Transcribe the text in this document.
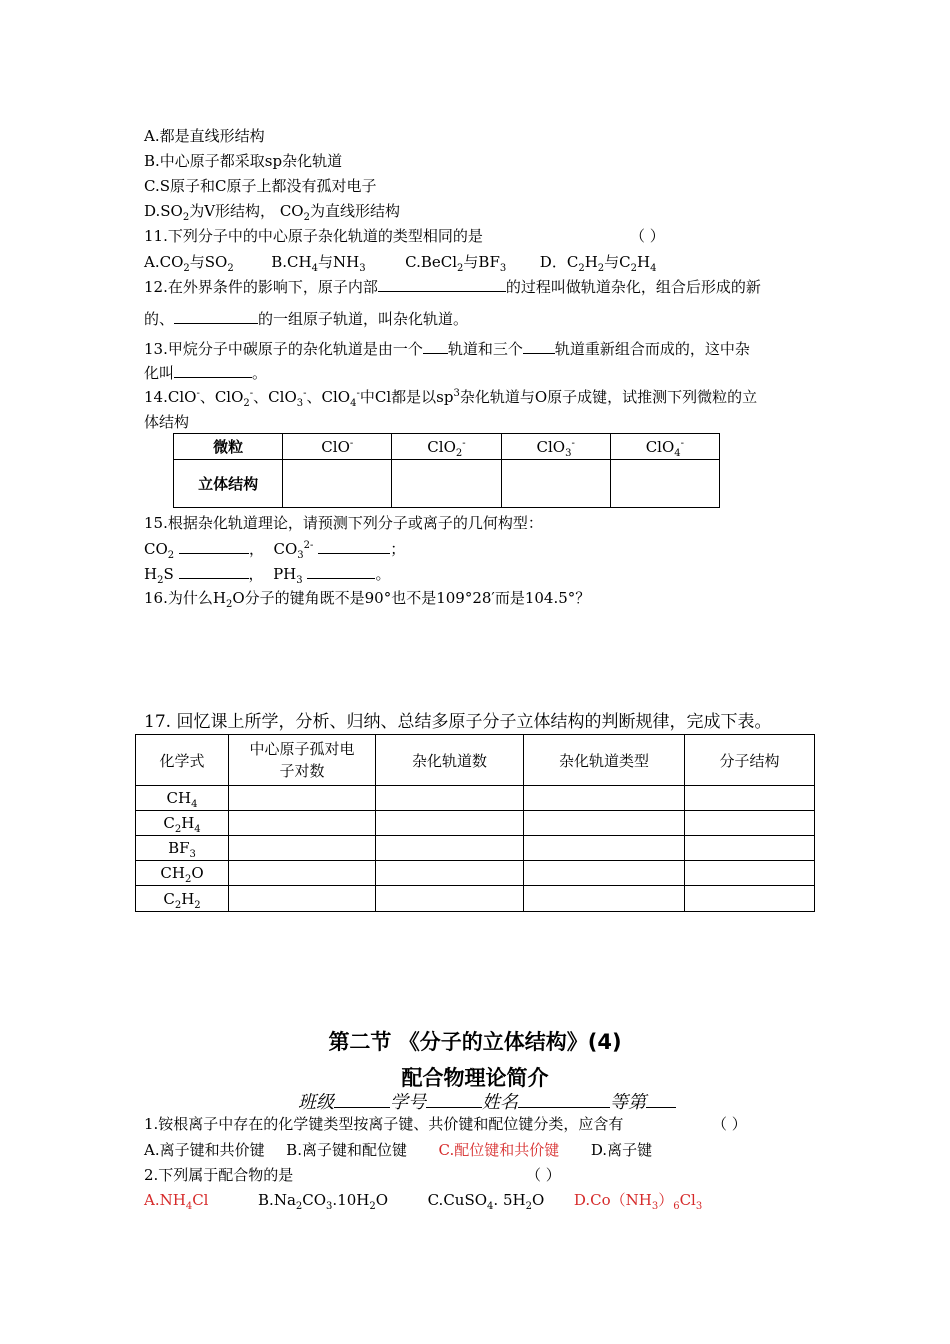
A.都是直线形结构
B.中心原子都采取sp杂化轨道
C.S原子和C原子上都没有孤对电子
$D.SO_2$为V形结构， $CO_2$为直线形结构
11.下列分子中的中心原子杂化轨道的类型相同的是	（ ）
$A.CO_2$与$SO_2$	$B.CH_4$与$NH_3$	C.BeCl$_2$与$BF_3$ D．$C_2H_2$与$C_2H_4$
12.在外界条件的影响下，原子内部	的过程叫做轨道杂化，组合后形成的新
的、	的一组原子轨道，叫杂化轨道。
13.甲烷分子中碳原子的杂化轨道是由一个 轨道和三个 轨道重新组合而成的，这中杂
化叫	。
14.ClO-、ClO$_2$-、ClO$_3$-、ClO$_4$-中Cl都是以$sp^3$杂化轨道与O原子成键，试推测下列微粒的立
体结构
微粒	ClO-	ClO$_2$-	ClO$_3$-	ClO$_4$-
立体结构				
15.根据杂化轨道理论，请预测下列分子或离子的几何构型：
$CO_2$	， $CO_3^{2-}$	；
$H_2S$	， $PH_3$	。
16.为什么$H_2O$分子的键角既不是90°也不是109°28′而是104.5°？
17. 回忆课上所学，分析、归纳、总结多原子分子立体结构的判断规律，完成下表。
化学式	中心原子孤对电
子对数	杂化轨道数	杂化轨道类型	分子结构
$CH_4$				
$C_2H_4$				
$BF_3$				
$CH_2O$				
$C_2H_2$				
第二节 《分子的立体结构》(4)
配合物理论简介
班级	学号	姓名	等第
1.铵根离子中存在的化学键类型按离子键、共价键和配位键分类，应含有	（ ）
A.离子键和共价键 B.离子键和配位键 C.配位键和共价键 D.离子键
2.下列属于配合物的是	（ ）
$A.NH_4Cl$	$B.Na_2CO_3.10H_2O$	C.CuSO$_4$. $5H_2O$ $D.Co(NH_3)_6Cl_3$
